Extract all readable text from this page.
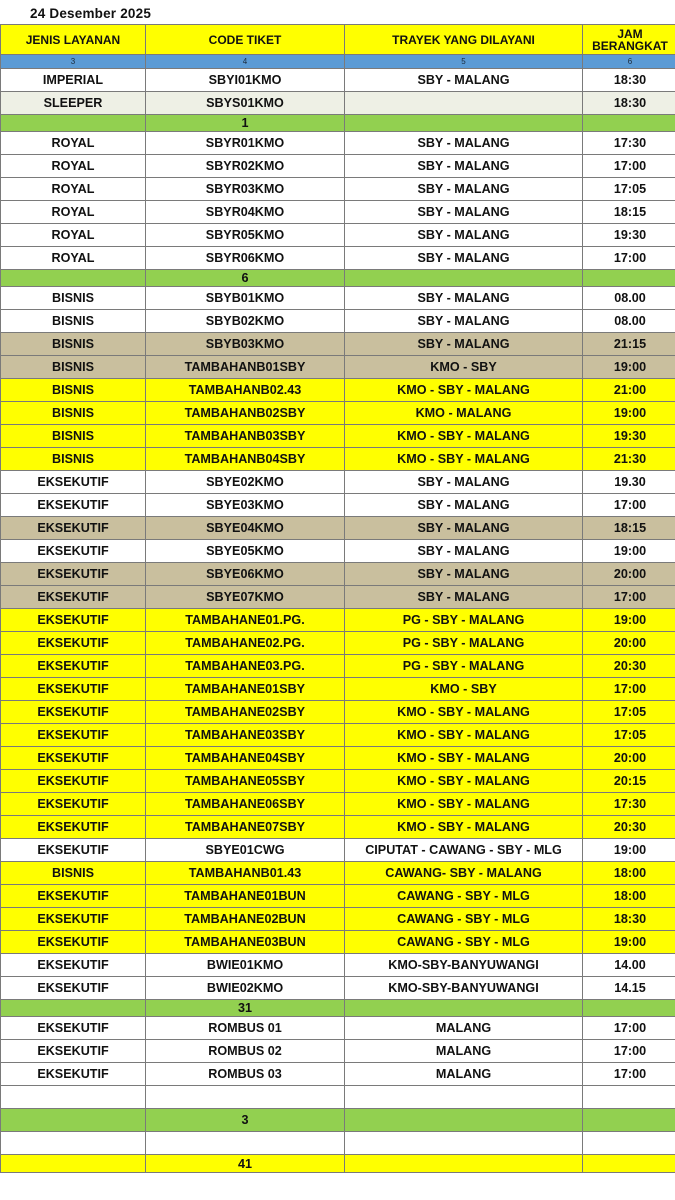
24 Desember 2025
JENIS LAYANAN	CODE TIKET	TRAYEK YANG DILAYANI	JAM
BERANGKAT

3	4	5	6
IMPERIAL	SBYI01KMO	SBY - MALANG	18:30
SLEEPER	SBYS01KMO		18:30
	1		
ROYAL	SBYR01KMO	SBY - MALANG	17:30
ROYAL	SBYR02KMO	SBY - MALANG	17:00
ROYAL	SBYR03KMO	SBY - MALANG	17:05
ROYAL	SBYR04KMO	SBY - MALANG	18:15
ROYAL	SBYR05KMO	SBY - MALANG	19:30
ROYAL	SBYR06KMO	SBY - MALANG	17:00
	6		
BISNIS	SBYB01KMO	SBY - MALANG	08.00
BISNIS	SBYB02KMO	SBY - MALANG	08.00
BISNIS	SBYB03KMO	SBY - MALANG	21:15
BISNIS	TAMBAHANB01SBY	KMO - SBY	19:00
BISNIS	TAMBAHANB02.43	KMO - SBY - MALANG	21:00
BISNIS	TAMBAHANB02SBY	KMO - MALANG	19:00
BISNIS	TAMBAHANB03SBY	KMO - SBY - MALANG	19:30
BISNIS	TAMBAHANB04SBY	KMO - SBY - MALANG	21:30
EKSEKUTIF	SBYE02KMO	SBY - MALANG	19.30
EKSEKUTIF	SBYE03KMO	SBY - MALANG	17:00
EKSEKUTIF	SBYE04KMO	SBY - MALANG	18:15
EKSEKUTIF	SBYE05KMO	SBY - MALANG	19:00
EKSEKUTIF	SBYE06KMO	SBY - MALANG	20:00
EKSEKUTIF	SBYE07KMO	SBY - MALANG	17:00
EKSEKUTIF	TAMBAHANE01.PG.	PG - SBY - MALANG	19:00
EKSEKUTIF	TAMBAHANE02.PG.	PG - SBY - MALANG	20:00
EKSEKUTIF	TAMBAHANE03.PG.	PG - SBY - MALANG	20:30
EKSEKUTIF	TAMBAHANE01SBY	KMO - SBY	17:00
EKSEKUTIF	TAMBAHANE02SBY	KMO - SBY - MALANG	17:05
EKSEKUTIF	TAMBAHANE03SBY	KMO - SBY - MALANG	17:05
EKSEKUTIF	TAMBAHANE04SBY	KMO - SBY - MALANG	20:00
EKSEKUTIF	TAMBAHANE05SBY	KMO - SBY - MALANG	20:15
EKSEKUTIF	TAMBAHANE06SBY	KMO - SBY - MALANG	17:30
EKSEKUTIF	TAMBAHANE07SBY	KMO - SBY - MALANG	20:30
EKSEKUTIF	SBYE01CWG	CIPUTAT - CAWANG - SBY - MLG	19:00
BISNIS	TAMBAHANB01.43	CAWANG- SBY - MALANG	18:00
EKSEKUTIF	TAMBAHANE01BUN	CAWANG - SBY - MLG	18:00
EKSEKUTIF	TAMBAHANE02BUN	CAWANG - SBY - MLG	18:30
EKSEKUTIF	TAMBAHANE03BUN	CAWANG - SBY - MLG	19:00
EKSEKUTIF	BWIE01KMO	KMO-SBY-BANYUWANGI	14.00
EKSEKUTIF	BWIE02KMO	KMO-SBY-BANYUWANGI	14.15
	31		
EKSEKUTIF	ROMBUS 01	MALANG	17:00
EKSEKUTIF	ROMBUS 02	MALANG	17:00
EKSEKUTIF	ROMBUS 03	MALANG	17:00

	3		

	41		
